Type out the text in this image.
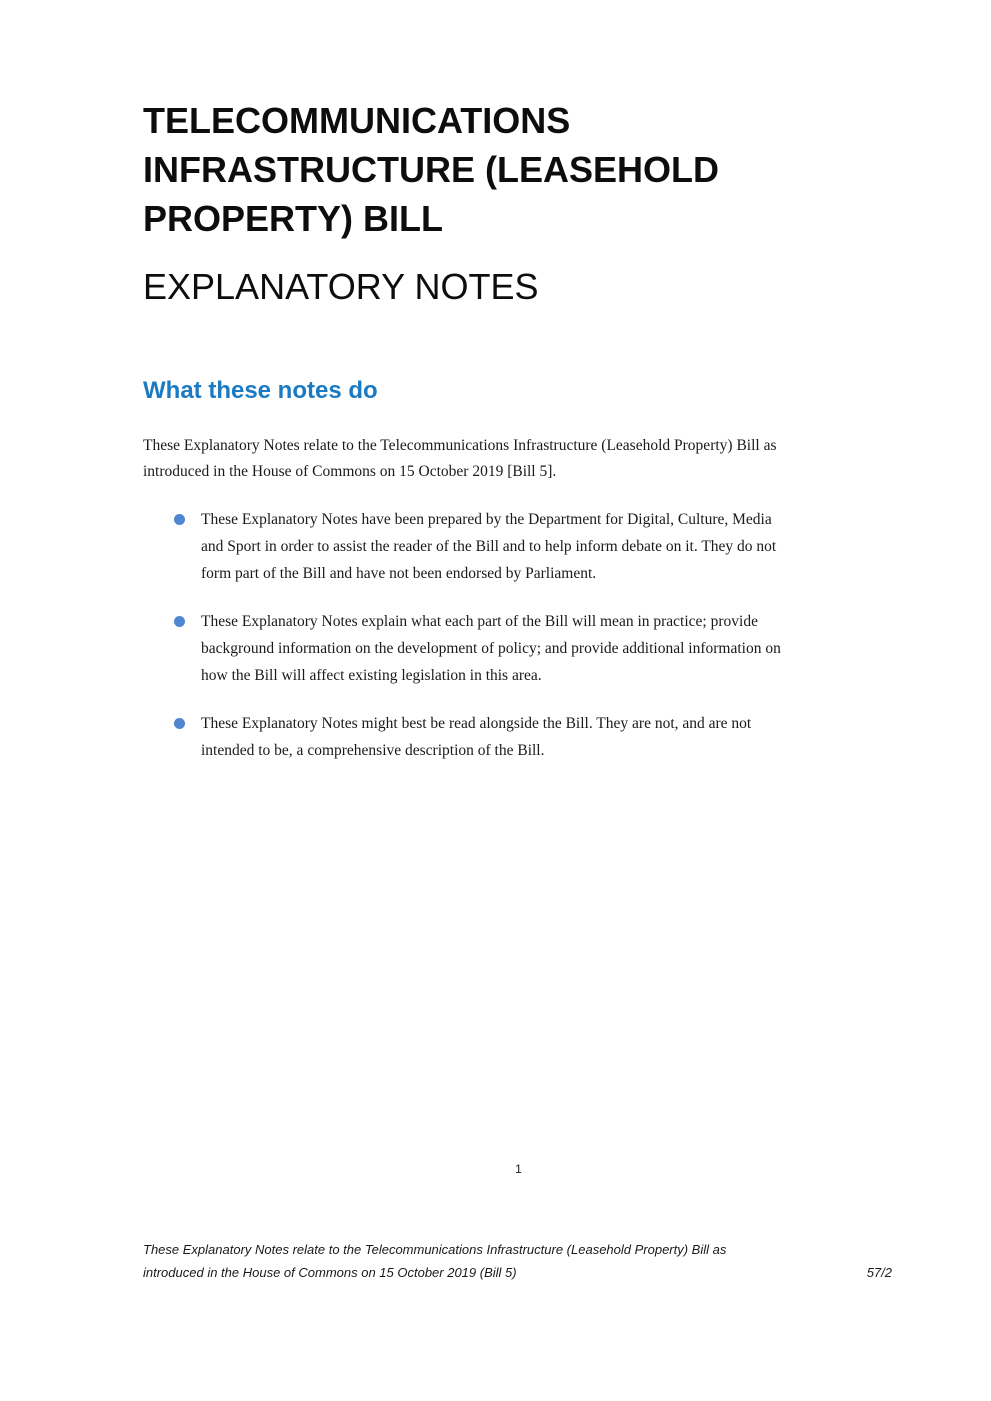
TELECOMMUNICATIONS
INFRASTRUCTURE (LEASEHOLD
PROPERTY) BILL
EXPLANATORY NOTES
What these notes do

These Explanatory Notes relate to the Telecommunications Infrastructure (Leasehold Property) Bill as
introduced in the House of Commons on 15 October 2019 [Bill 5].

These Explanatory Notes have been prepared by the Department for Digital, Culture, Media
and Sport in order to assist the reader of the Bill and to help inform debate on it. They do not
form part of the Bill and have not been endorsed by Parliament.
These Explanatory Notes explain what each part of the Bill will mean in practice; provide
background information on the development of policy; and provide additional information on
how the Bill will affect existing legislation in this area.
These Explanatory Notes might best be read alongside the Bill. They are not, and are not
intended to be, a comprehensive description of the Bill.
1
These Explanatory Notes relate to the Telecommunications Infrastructure (Leasehold Property) Bill as
introduced in the House of Commons on 15 October 2019 (Bill 5)	57/2
